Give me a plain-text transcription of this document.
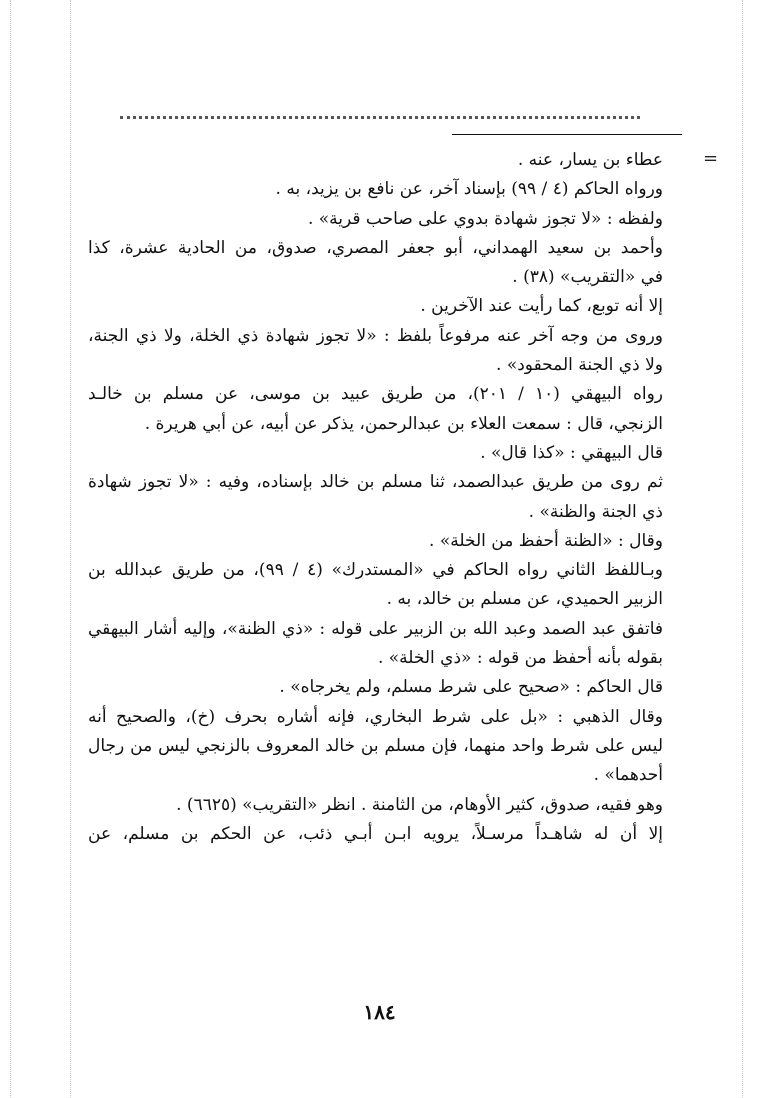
=
عطاء بن يسار، عنه .
ورواه الحاكم (٤ / ٩٩) بإسناد آخر، عن نافع بن يزيد، به .
ولفظه : «لا تجوز شهادة بدوي على صاحب قرية» .
وأحمد بن سعيد الهمداني، أبو جعفر المصري، صدوق، من الحادية عشرة، كذا
في «التقريب» (٣٨) .
إلا أنه توبع، كما رأيت عند الآخرين .
وروى من وجه آخر عنه مرفوعاً بلفظ : «لا تجوز شهادة ذي الخلة، ولا ذي الجنة،
ولا ذي الجنة المحقود» .
رواه البيهقي (١٠ / ٢٠١)، من طريق عبيد بن موسى، عن مسلم بن خالـد
الزنجي، قال : سمعت العلاء بن عبدالرحمن، يذكر عن أبيه، عن أبي هريرة .
قال البيهقي : «كذا قال» .
ثم روى من طريق عبدالصمد، ثنا مسلم بن خالد بإسناده، وفيه : «لا تجوز شهادة
ذي الجنة والظنة» .
وقال : «الظنة أحفظ من الخلة» .
وبـاللفظ الثاني رواه الحاكم في «المستدرك» (٤ / ٩٩)، من طريق عبدالله بن
الزبير الحميدي، عن مسلم بن خالد، به .
فاتفق عبد الصمد وعبد الله بن الزبير على قوله : «ذي الظنة»، وإليه أشار البيهقي
بقوله بأنه أحفظ من قوله : «ذي الخلة» .
قال الحاكم : «صحيح على شرط مسلم، ولم يخرجاه» .
وقال الذهبي : «بل على شرط البخاري، فإنه أشاره بحرف (خ)، والصحيح أنه
ليس على شرط واحد منهما، فإن مسلم بن خالد المعروف بالزنجي ليس من رجال
أحدهما» .
وهو فقيه، صدوق، كثير الأوهام، من الثامنة . انظر «التقريب» (٦٦٢٥) .
إلا أن له شاهـداً مرسـلاً، يرويه ابـن أبـي ذئب، عن الحكم بن مسلم، عن
١٨٤
